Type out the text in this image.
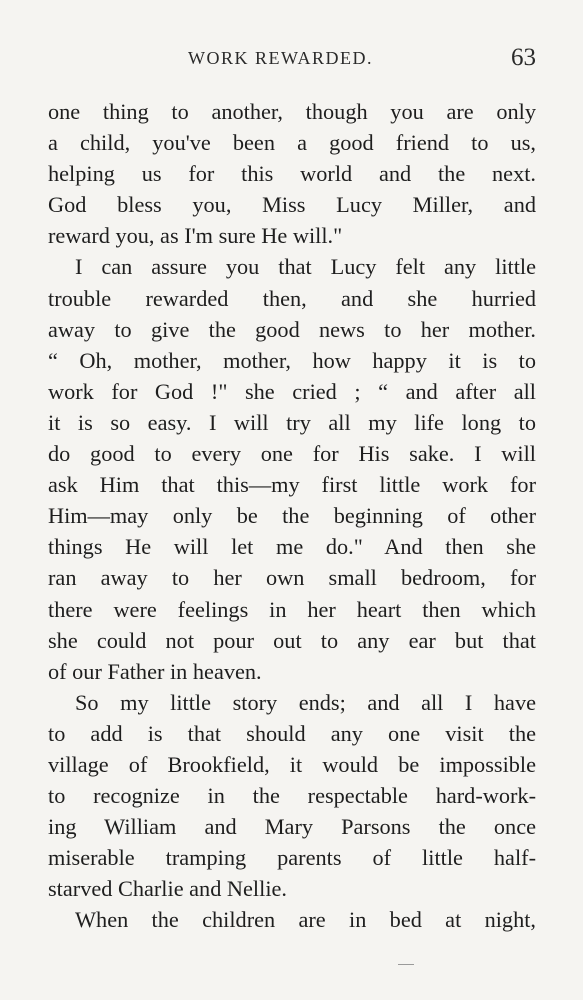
WORK REWARDED.	63
one thing to another, though you are only
a child, you've been a good friend to us,
helping us for this world and the next.
God bless you, Miss Lucy Miller, and
reward you, as I'm sure He will."
I can assure you that Lucy felt any little
trouble rewarded then, and she hurried
away to give the good news to her mother.
“ Oh, mother, mother, how happy it is to
work for God !" she cried ; “ and after all
it is so easy. I will try all my life long to
do good to every one for His sake. I will
ask Him that this—my first little work for
Him—may only be the beginning of other
things He will let me do." And then she
ran away to her own small bedroom, for
there were feelings in her heart then which
she could not pour out to any ear but that
of our Father in heaven.
So my little story ends; and all I have
to add is that should any one visit the
village of Brookfield, it would be impossible
to recognize in the respectable hard-work-
ing William and Mary Parsons the once
miserable tramping parents of little half-
starved Charlie and Nellie.
When the children are in bed at night,
